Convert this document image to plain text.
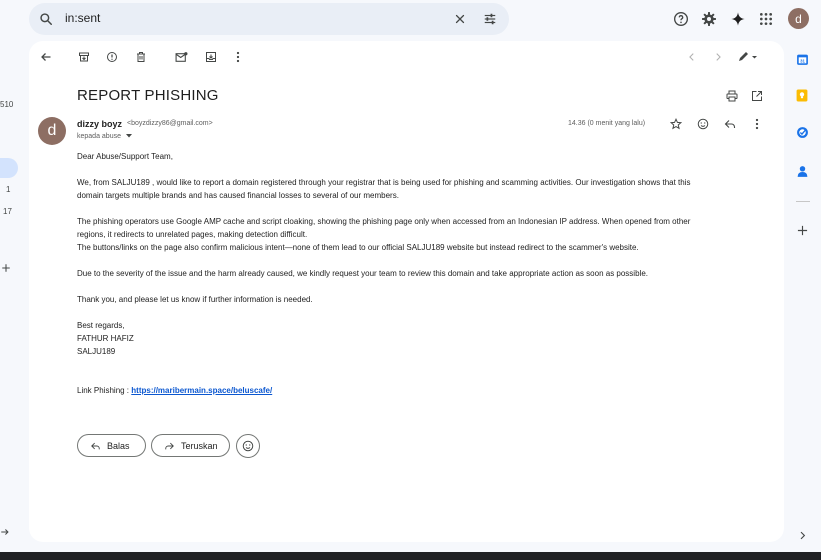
in:sent	d
510
1
17
REPORT PHISHING
d	dizzy boyz <boyzdizzy86@gmail.com>
kepada abuse
14.36 (0 menit yang lalu)
Dear Abuse/Support Team,
We, from SALJU189 , would like to report a domain registered through your registrar that is being used for phishing and scamming activities. Our investigation shows that this
domain targets multiple brands and has caused financial losses to several of our members.
The phishing operators use Google AMP cache and script cloaking, showing the phishing page only when accessed from an Indonesian IP address. When opened from other
regions, it redirects to unrelated pages, making detection difficult.
The buttons/links on the page also confirm malicious intent—none of them lead to our official SALJU189 website but instead redirect to the scammer's website.
Due to the severity of the issue and the harm already caused, we kindly request your team to review this domain and take appropriate action as soon as possible.
Thank you, and please let us know if further information is needed.
Best regards,
FATHUR HAFIZ
SALJU189
Link Phishing : https://maribermain.space/beluscafe/
Balas	Teruskan
31
